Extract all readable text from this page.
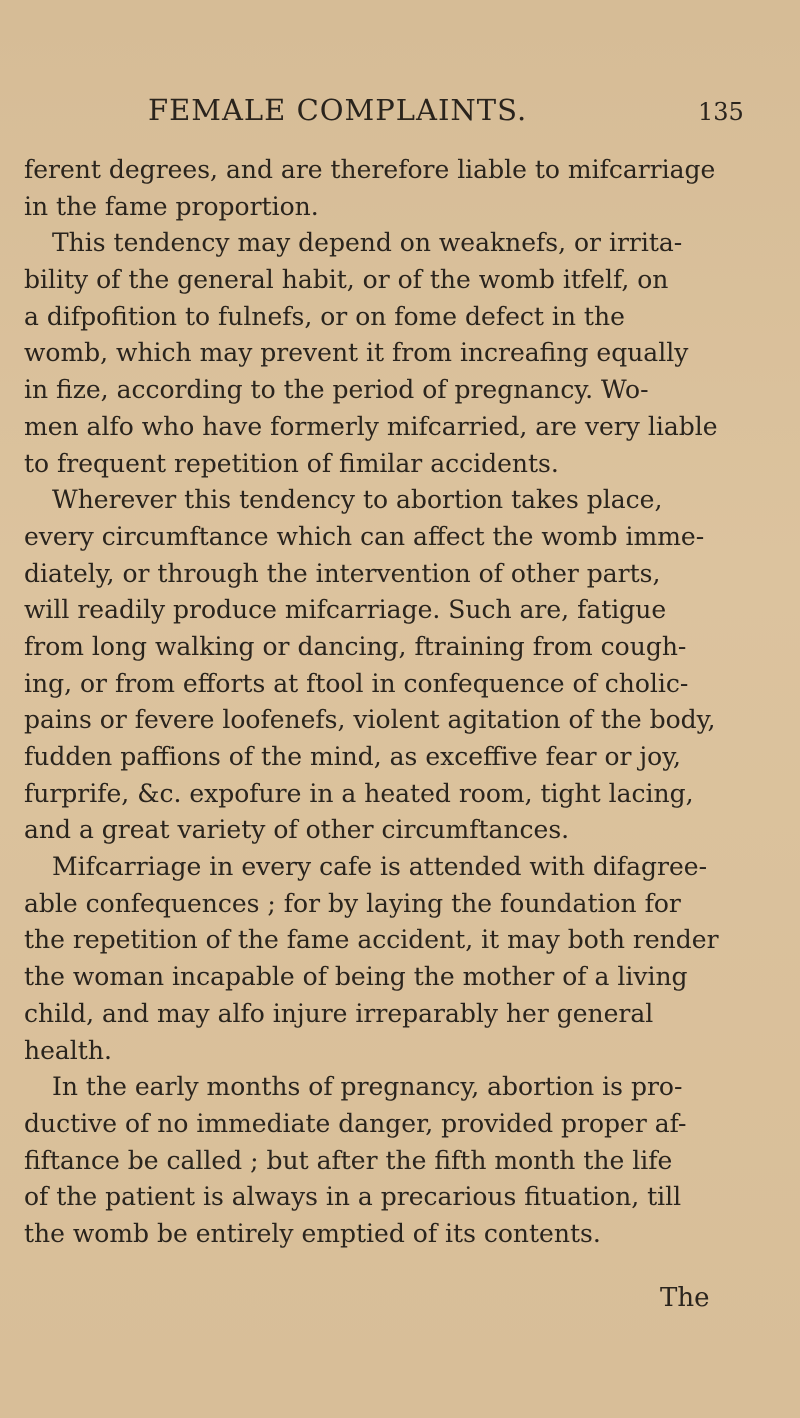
FEMALE COMPLAINTS.	135
ferent degrees, and are therefore liable to mifcarriage
in the fame proportion.
This tendency may depend on weaknefs, or irrita-
bility of the general habit, or of the womb itfelf, on
a difpofition to fulnefs, or on fome defect in the
womb, which may prevent it from increafing equally
in fize, according to the period of pregnancy. Wo-
men alfo who have formerly mifcarried, are very liable
to frequent repetition of fimilar accidents.
Wherever this tendency to abortion takes place,
every circumftance which can affect the womb imme-
diately, or through the intervention of other parts,
will readily produce mifcarriage. Such are, fatigue
from long walking or dancing, ftraining from cough-
ing, or from efforts at ftool in confequence of cholic-
pains or fevere loofenefs, violent agitation of the body,
fudden paffions of the mind, as exceffive fear or joy,
furprife, &c. expofure in a heated room, tight lacing,
and a great variety of other circumftances.
Mifcarriage in every cafe is attended with difagree-
able confequences ; for by laying the foundation for
the repetition of the fame accident, it may both render
the woman incapable of being the mother of a living
child, and may alfo injure irreparably her general
health.
In the early months of pregnancy, abortion is pro-
ductive of no immediate danger, provided proper af-
fiftance be called ; but after the fifth month the life
of the patient is always in a precarious fituation, till
the womb be entirely emptied of its contents.
The
